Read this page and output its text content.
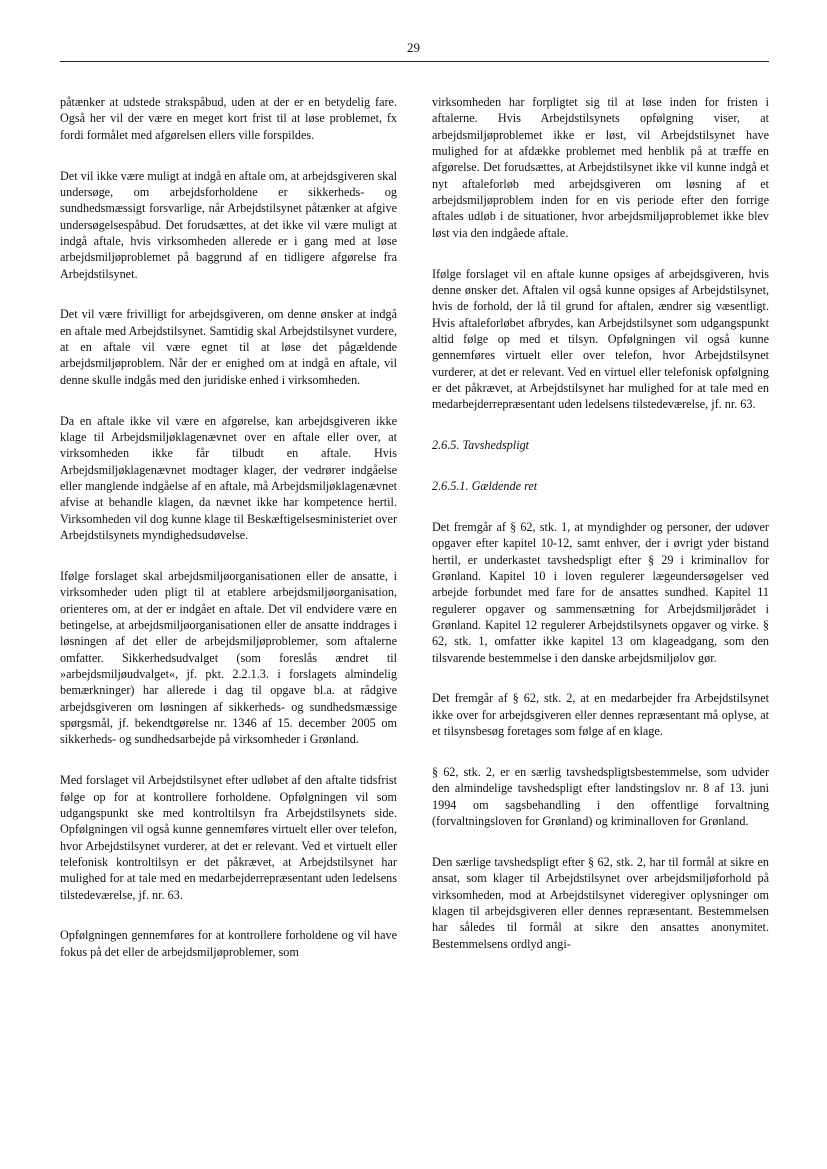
29

påtænker at udstede strakspåbud, uden at der er en betydelig fare. Også her vil der være en meget kort frist til at løse problemet, fx fordi formålet med afgørelsen ellers ville forspildes.

Det vil ikke være muligt at indgå en aftale om, at arbejdsgiveren skal undersøge, om arbejdsforholdene er sikkerheds- og sundhedsmæssigt forsvarlige, når Arbejdstilsynet påtænker at afgive undersøgelsespåbud. Det forudsættes, at det ikke vil være muligt at indgå aftale, hvis virksomheden allerede er i gang med at løse arbejdsmiljøproblemet på baggrund af en tidligere afgørelse fra Arbejdstilsynet.

Det vil være frivilligt for arbejdsgiveren, om denne ønsker at indgå en aftale med Arbejdstilsynet. Samtidig skal Arbejdstilsynet vurdere, at en aftale vil være egnet til at løse det pågældende arbejdsmiljøproblem. Når der er enighed om at indgå en aftale, vil denne skulle indgås med den juridiske enhed i virksomheden.

Da en aftale ikke vil være en afgørelse, kan arbejdsgiveren ikke klage til Arbejdsmiljøklagenævnet over en aftale eller over, at virksomheden ikke får tilbudt en aftale. Hvis Arbejdsmiljøklagenævnet modtager klager, der vedrører indgåelse eller manglende indgåelse af en aftale, må Arbejdsmiljøklagenævnet afvise at behandle klagen, da nævnet ikke har kompetence hertil. Virksomheden vil dog kunne klage til Beskæftigelsesministeriet over Arbejdstilsynets myndighedsudøvelse.

Ifølge forslaget skal arbejdsmiljøorganisationen eller de ansatte, i virksomheder uden pligt til at etablere arbejdsmiljøorganisation, orienteres om, at der er indgået en aftale. Det vil endvidere være en betingelse, at arbejdsmiljøorganisationen eller de ansatte inddrages i løsningen af det eller de arbejdsmiljøproblemer, som aftalerne omfatter. Sikkerhedsudvalget (som foreslås ændret til »arbejdsmiljøudvalget«, jf. pkt. 2.2.1.3. i forslagets almindelig bemærkninger) har allerede i dag til opgave bl.a. at rådgive arbejdsgiveren om løsningen af sikkerheds- og sundhedsmæssige spørgsmål, jf. bekendtgørelse nr. 1346 af 15. december 2005 om sikkerheds- og sundhedsarbejde på virksomheder i Grønland.

Med forslaget vil Arbejdstilsynet efter udløbet af den aftalte tidsfrist følge op for at kontrollere forholdene. Opfølgningen vil som udgangspunkt ske med kontroltilsyn fra Arbejdstilsynets side. Opfølgningen vil også kunne gennemføres virtuelt eller over telefon, hvor Arbejdstilsynet vurderer, at det er relevant. Ved et virtuelt eller telefonisk kontroltilsyn er det påkrævet, at Arbejdstilsynet har mulighed for at tale med en medarbejderrepræsentant uden ledelsens tilstedeværelse, jf. nr. 63.

Opfølgningen gennemføres for at kontrollere forholdene og vil have fokus på det eller de arbejdsmiljøproblemer, som

virksomheden har forpligtet sig til at løse inden for fristen i aftalerne. Hvis Arbejdstilsynets opfølgning viser, at arbejdsmiljøproblemet ikke er løst, vil Arbejdstilsynet have mulighed for at afdække problemet med henblik på at træffe en afgørelse. Det forudsættes, at Arbejdstilsynet ikke vil kunne indgå et nyt aftaleforløb med arbejdsgiveren om løsning af et arbejdsmiljøproblem inden for en vis periode efter den forrige aftales udløb i de situationer, hvor arbejdsmiljøproblemet ikke blev løst via den indgåede aftale.

Ifølge forslaget vil en aftale kunne opsiges af arbejdsgiveren, hvis denne ønsker det. Aftalen vil også kunne opsiges af Arbejdstilsynet, hvis de forhold, der lå til grund for aftalen, ændrer sig væsentligt. Hvis aftaleforløbet afbrydes, kan Arbejdstilsynet som udgangspunkt altid følge op med et tilsyn. Opfølgningen vil også kunne gennemføres virtuelt eller over telefon, hvor Arbejdstilsynet vurderer, at det er relevant. Ved en virtuel eller telefonisk opfølgning er det påkrævet, at Arbejdstilsynet har mulighed for at tale med en medarbejderrepræsentant uden ledelsens tilstedeværelse, jf. nr. 63.

2.6.5. Tavshedspligt

2.6.5.1. Gældende ret

Det fremgår af § 62, stk. 1, at myndighder og personer, der udøver opgaver efter kapitel 10-12, samt enhver, der i øvrigt yder bistand hertil, er underkastet tavshedspligt efter § 29 i kriminallov for Grønland. Kapitel 10 i loven regulerer lægeundersøgelser ved arbejde forbundet med fare for de ansattes sundhed. Kapitel 11 regulerer opgaver og sammensætning for Arbejdsmiljørådet i Grønland. Kapitel 12 regulerer Arbejdstilsynets opgaver og virke. § 62, stk. 1, omfatter ikke kapitel 13 om klageadgang, som den tilsvarende bestemmelse i den danske arbejdsmiljølov gør.

Det fremgår af § 62, stk. 2, at en medarbejder fra Arbejdstilsynet ikke over for arbejdsgiveren eller dennes repræsentant må oplyse, at et tilsynsbesøg foretages som følge af en klage.

§ 62, stk. 2, er en særlig tavshedspligtsbestemmelse, som udvider den almindelige tavshedspligt efter landstingslov nr. 8 af 13. juni 1994 om sagsbehandling i den offentlige forvaltning (forvaltningsloven for Grønland) og kriminalloven for Grønland.

Den særlige tavshedspligt efter § 62, stk. 2, har til formål at sikre en ansat, som klager til Arbejdstilsynet over arbejdsmiljøforhold på virksomheden, mod at Arbejdstilsynet videregiver oplysninger om klagen til arbejdsgiveren eller dennes repræsentant. Bestemmelsen har således til formål at sikre den ansattes anonymitet. Bestemmelsens ordlyd angi-
